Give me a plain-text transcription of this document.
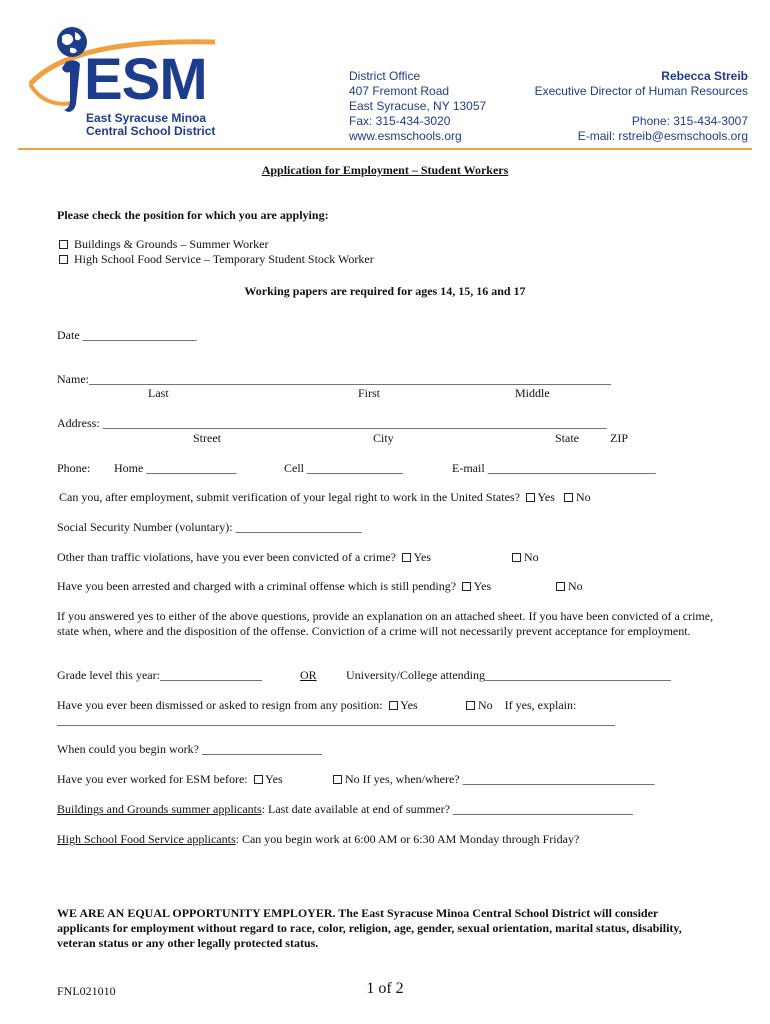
ESM
East Syracuse Minoa
Central School District
District Office
407 Fremont Road
East Syracuse, NY 13057
Fax: 315-434-3020
www.esmschools.org
Rebecca Streib
Executive Director of Human Resources
Phone: 315-434-3007
E-mail: rstreib@esmschools.org
Application for Employment – Student Workers
Please check the position for which you are applying:
Buildings & Grounds – Summer Worker
High School Food Service – Temporary Student Stock Worker
Working papers are required for ages 14, 15, 16 and 17
Date ___________________
Name:_______________________________________________________________________________________
Last	First	Middle
Address: ____________________________________________________________________________________
Street	City	State	ZIP
Phone: Home _______________	Cell ________________	E-mail ____________________________
Can you, after employment, submit verification of your legal right to work in the United States? Yes No
Social Security Number (voluntary): _____________________
Other than traffic violations, have you ever been convicted of a crime? Yes	No
Have you been arrested and charged with a criminal offense which is still pending? Yes	No
If you answered yes to either of the above questions, provide an explanation on an attached sheet. If you have been convicted of a crime, state when, where and the disposition of the offense. Conviction of a crime will not necessarily prevent acceptance for employment.
Grade level this year:_________________	OR University/College attending_______________________________
Have you ever been dismissed or asked to resign from any position: Yes	No If yes, explain:
_____________________________________________________________________________________________
When could you begin work? ____________________
Have you ever worked for ESM before: Yes	No If yes, when/where? ________________________________
Buildings and Grounds summer applicants: Last date available at end of summer? ______________________________
High School Food Service applicants: Can you begin work at 6:00 AM or 6:30 AM Monday through Friday?
WE ARE AN EQUAL OPPORTUNITY EMPLOYER. The East Syracuse Minoa Central School District will consider
applicants for employment without regard to race, color, religion, age, gender, sexual orientation, marital status, disability,
veteran status or any other legally protected status.
FNL021010	1 of 2
